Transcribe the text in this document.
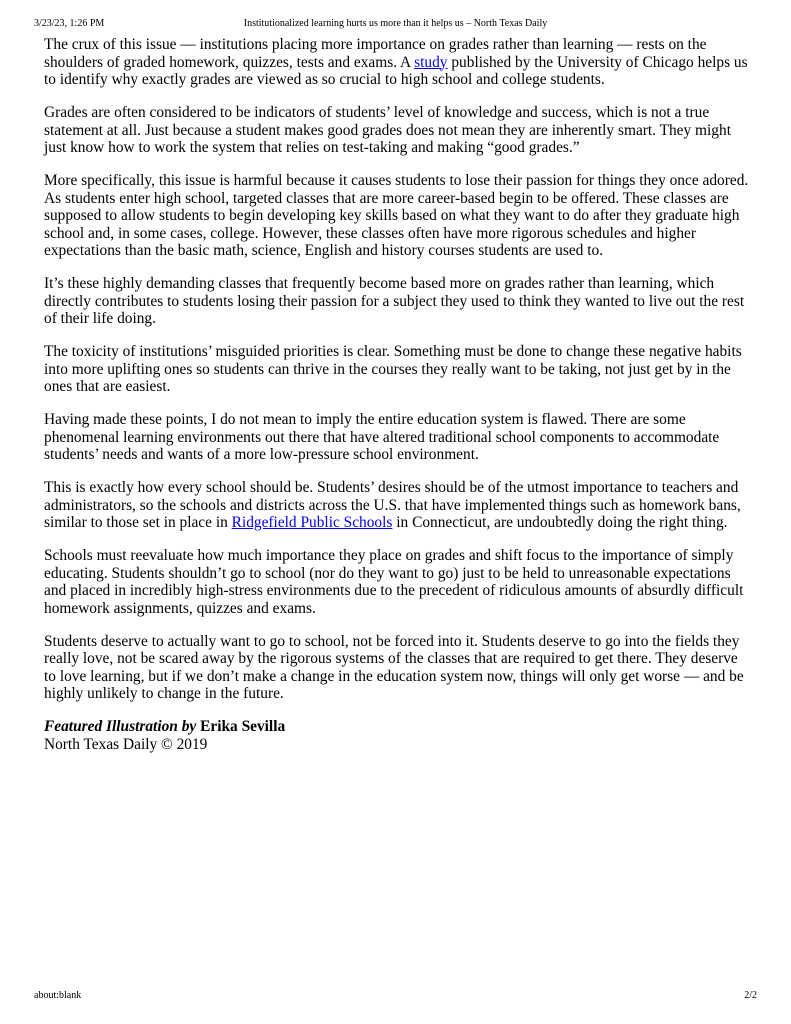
3/23/23, 1:26 PM	Institutionalized learning hurts us more than it helps us – North Texas Daily

The crux of this issue — institutions placing more importance on grades rather than learning — rests on the shoulders of graded homework, quizzes, tests and exams. A study published by the University of Chicago helps us to identify why exactly grades are viewed as so crucial to high school and college students.

Grades are often considered to be indicators of students’ level of knowledge and success, which is not a true statement at all. Just because a student makes good grades does not mean they are inherently smart. They might just know how to work the system that relies on test-taking and making “good grades.”

More specifically, this issue is harmful because it causes students to lose their passion for things they once adored. As students enter high school, targeted classes that are more career-based begin to be offered. These classes are supposed to allow students to begin developing key skills based on what they want to do after they graduate high school and, in some cases, college. However, these classes often have more rigorous schedules and higher expectations than the basic math, science, English and history courses students are used to.

It’s these highly demanding classes that frequently become based more on grades rather than learning, which directly contributes to students losing their passion for a subject they used to think they wanted to live out the rest of their life doing.

The toxicity of institutions’ misguided priorities is clear. Something must be done to change these negative habits into more uplifting ones so students can thrive in the courses they really want to be taking, not just get by in the ones that are easiest.

Having made these points, I do not mean to imply the entire education system is flawed. There are some phenomenal learning environments out there that have altered traditional school components to accommodate students’ needs and wants of a more low-pressure school environment.

This is exactly how every school should be. Students’ desires should be of the utmost importance to teachers and administrators, so the schools and districts across the U.S. that have implemented things such as homework bans, similar to those set in place in Ridgefield Public Schools in Connecticut, are undoubtedly doing the right thing.

Schools must reevaluate how much importance they place on grades and shift focus to the importance of simply educating. Students shouldn’t go to school (nor do they want to go) just to be held to unreasonable expectations and placed in incredibly high-stress environments due to the precedent of ridiculous amounts of absurdly difficult homework assignments, quizzes and exams.

Students deserve to actually want to go to school, not be forced into it. Students deserve to go into the fields they really love, not be scared away by the rigorous systems of the classes that are required to get there. They deserve to love learning, but if we don’t make a change in the education system now, things will only get worse — and be highly unlikely to change in the future.

Featured Illustration by Erika Sevilla
North Texas Daily © 2019
about:blank	2/2
